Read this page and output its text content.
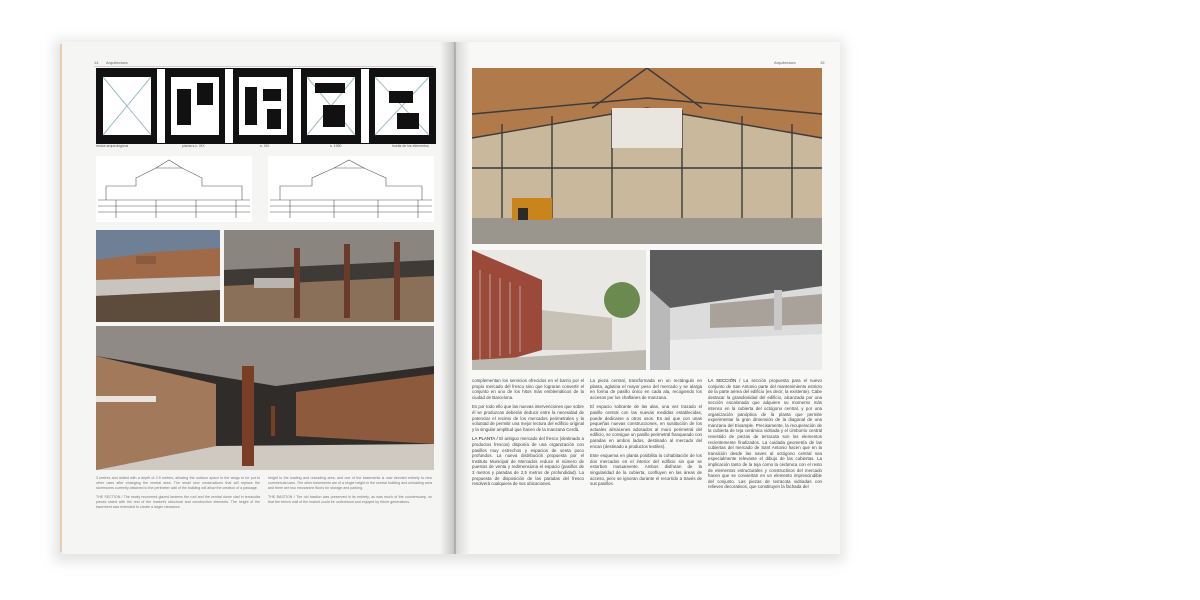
14 Arquitectura
restos arqueológicos	planta s.c. XIX	s. XIX	s. 1950	huella de los elementos

3 metres and dotted with a depth of 2.5 metres, allowing the outdoor space in the wings to be put to other uses after enlarging the central area. The small new constructions that will replace the storerooms currently attached to the perimeter wall of the building will allow the creation of a passage.

THE SECTION / The newly recovered glazed lanterns the roof and the central dome clad in terracotta pieces stand with the rest of the market's structural and construction elements. The height of the basement was extended to create a larger clearance

height to the loading and unloading area, and one of the basements is now devoted entirely to new commercial uses. The other basements are of a single height in the central building and unloading area and there are two mezzanine floors for storage and parking.

THE BASTION / The old bastion was preserved in its entirety, as was much of the counterscarp, so that the trench wall of the market could be understood and enjoyed by future generations.

Arquitectura	15

complementan los servicios ofrecidos en el barrio por el propio mercado del fresco sino que lograran convertir el conjunto en uno de los hitos más emblemáticos de la ciudad de Barcelona.

Es por todo ello que las nuevas intervenciones que sobre él se produzcan deberán deducir entre la necesidad de potenciar el recinto de los mercados perimetrales y la voluntad de permitir una mejor lectura del edificio original y la singular amplitud que hacen de la manzana Cerdà.

LA PLANTA / El antiguo mercado del fresco (destinado a productos frescos) disponía de una organización con pasillos muy estrechos y espacios de venta poco profundos. La nueva distribución propuesta por el Instituto Municipal de Mercados reduce el número de puestos de venta y redimensiona el espacio (pasillos de 3 metros y paradas de 2,5 metros de profundidad). La propuesta de disposición de las paradas del fresco resolverá cualquiera de sus ubicaciones.

La pieza central, transformada en un rectángulo en planta, aglutina el mayor peso del mercado y se alarga en forma de pasillo único en cada ala, recogiendo los accesos por los chaflanes de manzana.

El espacio sobrante de las alas, una vez trazado el pasillo central con las nuevas medidas establecidas, puede dedicarse a otros usos. Es así que con unas pequeñas nuevas construcciones, en sustitución de los actuales almacenes adosados al muro perimetral del edificio, se consigue un pasillo perimetral franqueado con paradas en ambos lados, destinado al mercado del encan (destinado a productos textiles).

Este esquema en planta posibilita la cohabitación de los dos mercados en el interior del edificio sin que se estorben mutuamente. Ambos disfrutan de la singularidad de la cubierta, confluyen en las áreas de acceso, pero se ignoran durante el recorrido a través de sus pasillos.

LA SECCIÓN / La sección propuesta para el nuevo conjunto de San Antonio parte del mantenimiento estricto de la parte aérea del edificio (es decir, la existente). Cabe destacar la grandiosidad del edificio, alcanzada por una sección escalonada que adquiere su momento más intenso en la cubierta del octógono central, y por una organización panóptica de la planta que permite experimentar la gran dimensión de la diagonal de una manzana del Eixample. Precisamente, la recuperación de la cubierta de teja cerámica vidriada y el cimborrio central revestido de piezas de terracota son los elementos recientemente finalizados. La cuidada geometría de las cubiertas del mercado de Sant Antonio hacen que en la transición desde las naves al octógono central sea especialmente relevante el dibujo de las cubiertas. La implicación tanto de la teja como la cerámica con el resto de elementos estructurales y constructivos del mercado hacen que se conviertan en un elemento imprescindible del conjunto. Las piezas de terracota vidriadas con relieves decorativos, que constituyen la fachada del
